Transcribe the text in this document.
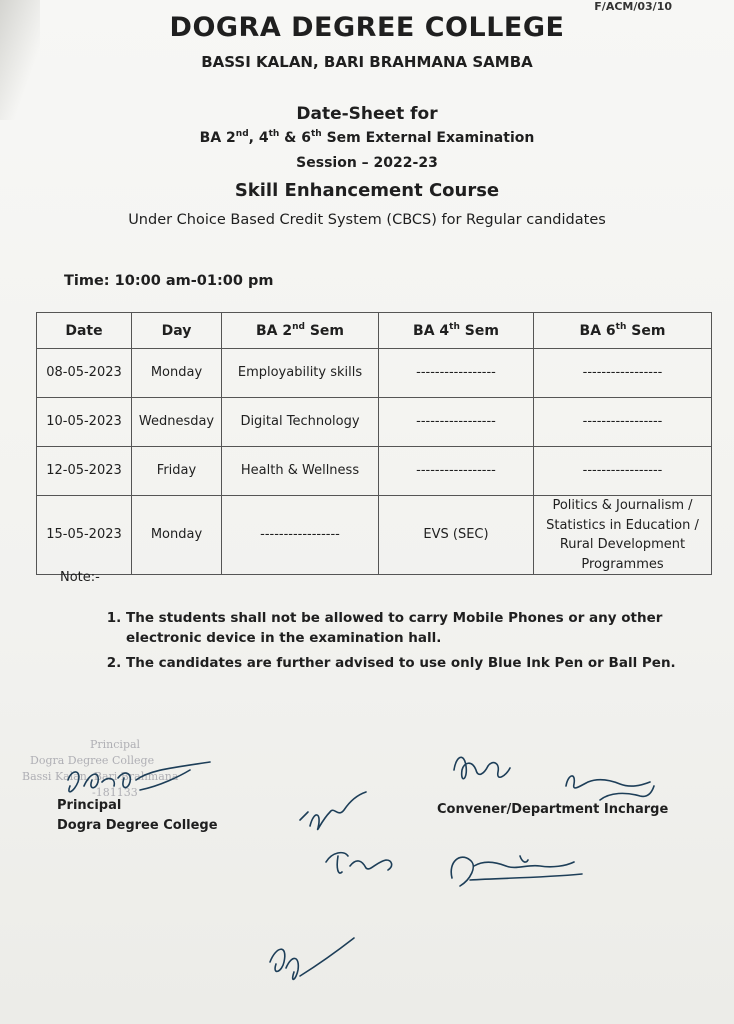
F/ACM/03/10
DOGRA DEGREE COLLEGE
BASSI KALAN, BARI BRAHMANA SAMBA
Date-Sheet for
BA 2nd, 4th & 6th Sem External Examination
Session – 2022-23
Skill Enhancement Course
Under Choice Based Credit System (CBCS) for Regular candidates
Time: 10:00 am-01:00 pm
Date	Day	BA 2nd Sem	BA 4th Sem	BA 6th Sem
08-05-2023	Monday	Employability skills	-----------------	-----------------
10-05-2023	Wednesday	Digital Technology	-----------------	-----------------
12-05-2023	Friday	Health & Wellness	-----------------	-----------------
15-05-2023	Monday	-----------------	EVS (SEC)	Politics & Journalism /
Statistics in Education /
Rural Development
Programmes
Note:-
1. The students shall not be allowed to carry Mobile Phones or any other electronic device in the examination hall.
2. The candidates are further advised to use only Blue Ink Pen or Ball Pen.
Principal
Dogra Degree College
Bassi Kalan, Bari Brahmana
-181133
Principal
Dogra Degree College
Convener/Department Incharge
